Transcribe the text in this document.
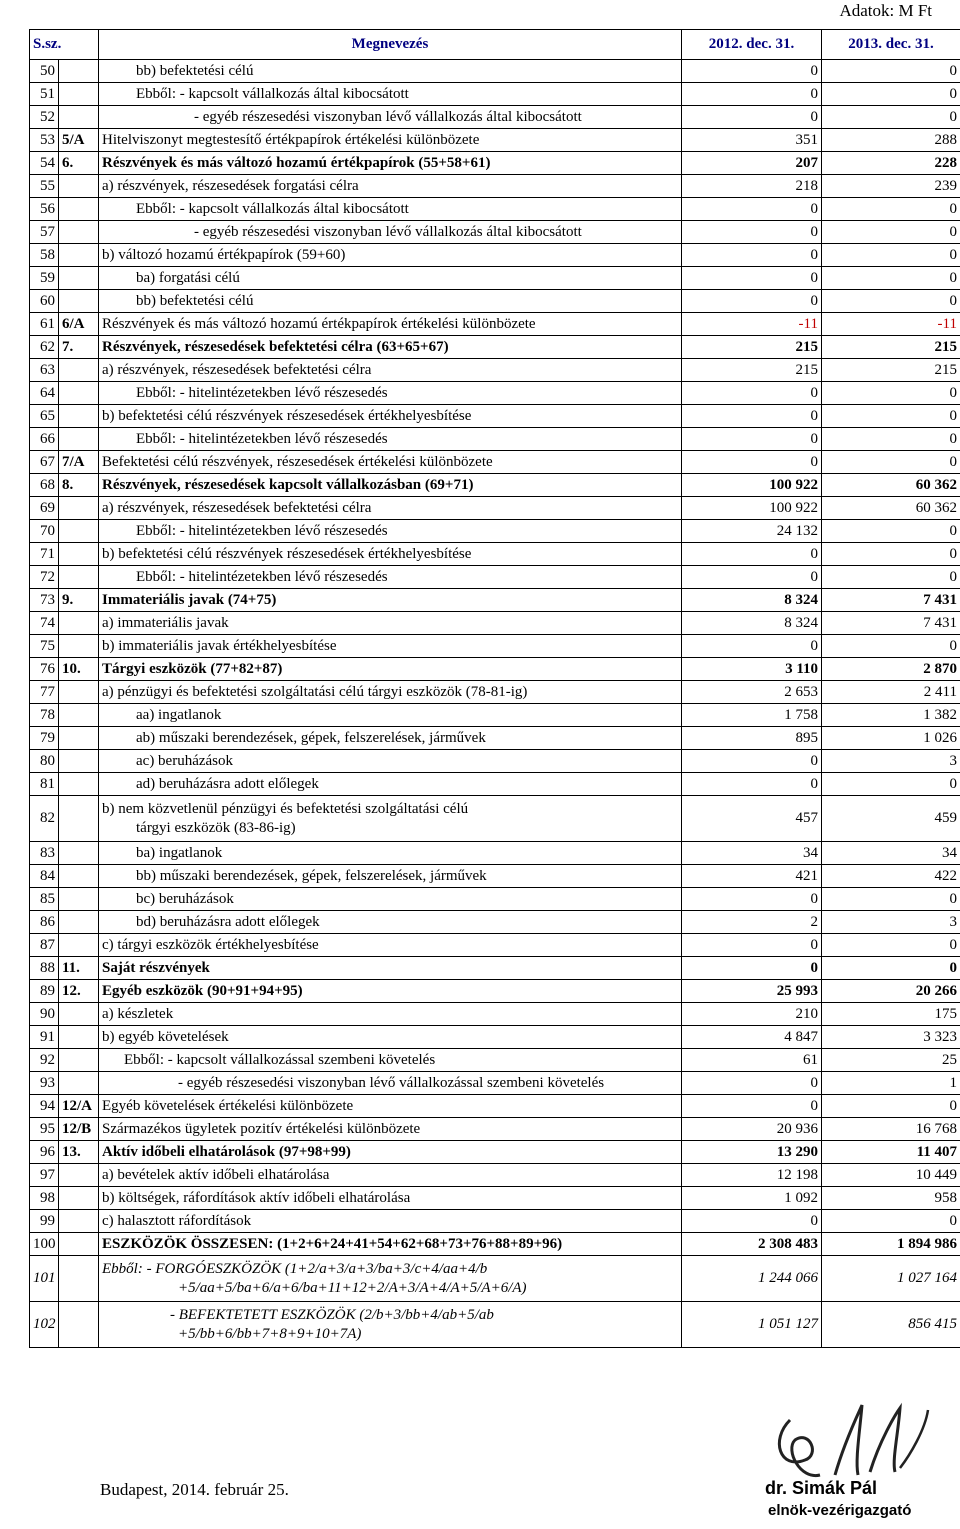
Adatok: M Ft
S.sz.		Megnevezés	2012. dec. 31.	2013. dec. 31.
50		bb) befektetési célú	0	0
51		Ebből: - kapcsolt vállalkozás által kibocsátott	0	0
52		- egyéb részesedési viszonyban lévő vállalkozás által kibocsátott	0	0
53	5/A	Hitelviszonyt megtestesítő értékpapírok értékelési különbözete	351	288
54	6.	Részvények és más változó hozamú értékpapírok (55+58+61)	207	228
55		a) részvények, részesedések forgatási célra	218	239
56		Ebből: - kapcsolt vállalkozás által kibocsátott	0	0
57		- egyéb részesedési viszonyban lévő vállalkozás által kibocsátott	0	0
58		b) változó hozamú értékpapírok (59+60)	0	0
59		ba) forgatási célú	0	0
60		bb) befektetési célú	0	0
61	6/A	Részvények és más változó hozamú értékpapírok értékelési különbözete	-11	-11
62	7.	Részvények, részesedések befektetési célra (63+65+67)	215	215
63		a) részvények, részesedések befektetési célra	215	215
64		Ebből: - hitelintézetekben lévő részesedés	0	0
65		b) befektetési célú részvények részesedések értékhelyesbítése	0	0
66		Ebből: - hitelintézetekben lévő részesedés	0	0
67	7/A	Befektetési célú részvények, részesedések értékelési különbözete	0	0
68	8.	Részvények, részesedések kapcsolt vállalkozásban (69+71)	100 922	60 362
69		a) részvények, részesedések befektetési célra	100 922	60 362
70		Ebből: - hitelintézetekben lévő részesedés	24 132	0
71		b) befektetési célú részvények részesedések értékhelyesbítése	0	0
72		Ebből: - hitelintézetekben lévő részesedés	0	0
73	9.	Immateriális javak (74+75)	8 324	7 431
74		a) immateriális javak	8 324	7 431
75		b) immateriális javak értékhelyesbítése	0	0
76	10.	Tárgyi eszközök (77+82+87)	3 110	2 870
77		a) pénzügyi és befektetési szolgáltatási célú tárgyi eszközök (78-81-ig)	2 653	2 411
78		aa) ingatlanok	1 758	1 382
79		ab) műszaki berendezések, gépek, felszerelések, járművek	895	1 026
80		ac) beruházások	0	3
81		ad) beruházásra adott előlegek	0	0
82		b) nem közvetlenül pénzügyi és befektetési szolgáltatási célú
tárgyi eszközök (83-86-ig)	457	459
83		ba) ingatlanok	34	34
84		bb) műszaki berendezések, gépek, felszerelések, járművek	421	422
85		bc) beruházások	0	0
86		bd) beruházásra adott előlegek	2	3
87		c) tárgyi eszközök értékhelyesbítése	0	0
88	11.	Saját részvények	0	0
89	12.	Egyéb eszközök (90+91+94+95)	25 993	20 266
90		a) készletek	210	175
91		b) egyéb követelések	4 847	3 323
92		Ebből: - kapcsolt vállalkozással szembeni követelés	61	25
93		- egyéb részesedési viszonyban lévő vállalkozással szembeni követelés	0	1
94	12/A	Egyéb követelések értékelési különbözete	0	0
95	12/B	Származékos ügyletek pozitív értékelési különbözete	20 936	16 768
96	13.	Aktív időbeli elhatárolások (97+98+99)	13 290	11 407
97		a) bevételek aktív időbeli elhatárolása	12 198	10 449
98		b) költségek, ráfordítások aktív időbeli elhatárolása	1 092	958
99		c) halasztott ráfordítások	0	0
100		ESZKÖZÖK ÖSSZESEN: (1+2+6+24+41+54+62+68+73+76+88+89+96)	2 308 483	1 894 986
101		Ebből: - FORGÓESZKÖZÖK (1+2/a+3/a+3/ba+3/c+4/aa+4/b
+5/aa+5/ba+6/a+6/ba+11+12+2/A+3/A+4/A+5/A+6/A)	1 244 066	1 027 164
102		- BEFEKTETETT ESZKÖZÖK (2/b+3/bb+4/ab+5/ab
+5/bb+6/bb+7+8+9+10+7A)	1 051 127	856 415
Budapest, 2014. február 25.	dr. Simák Pál
elnök-vezérigazgató
